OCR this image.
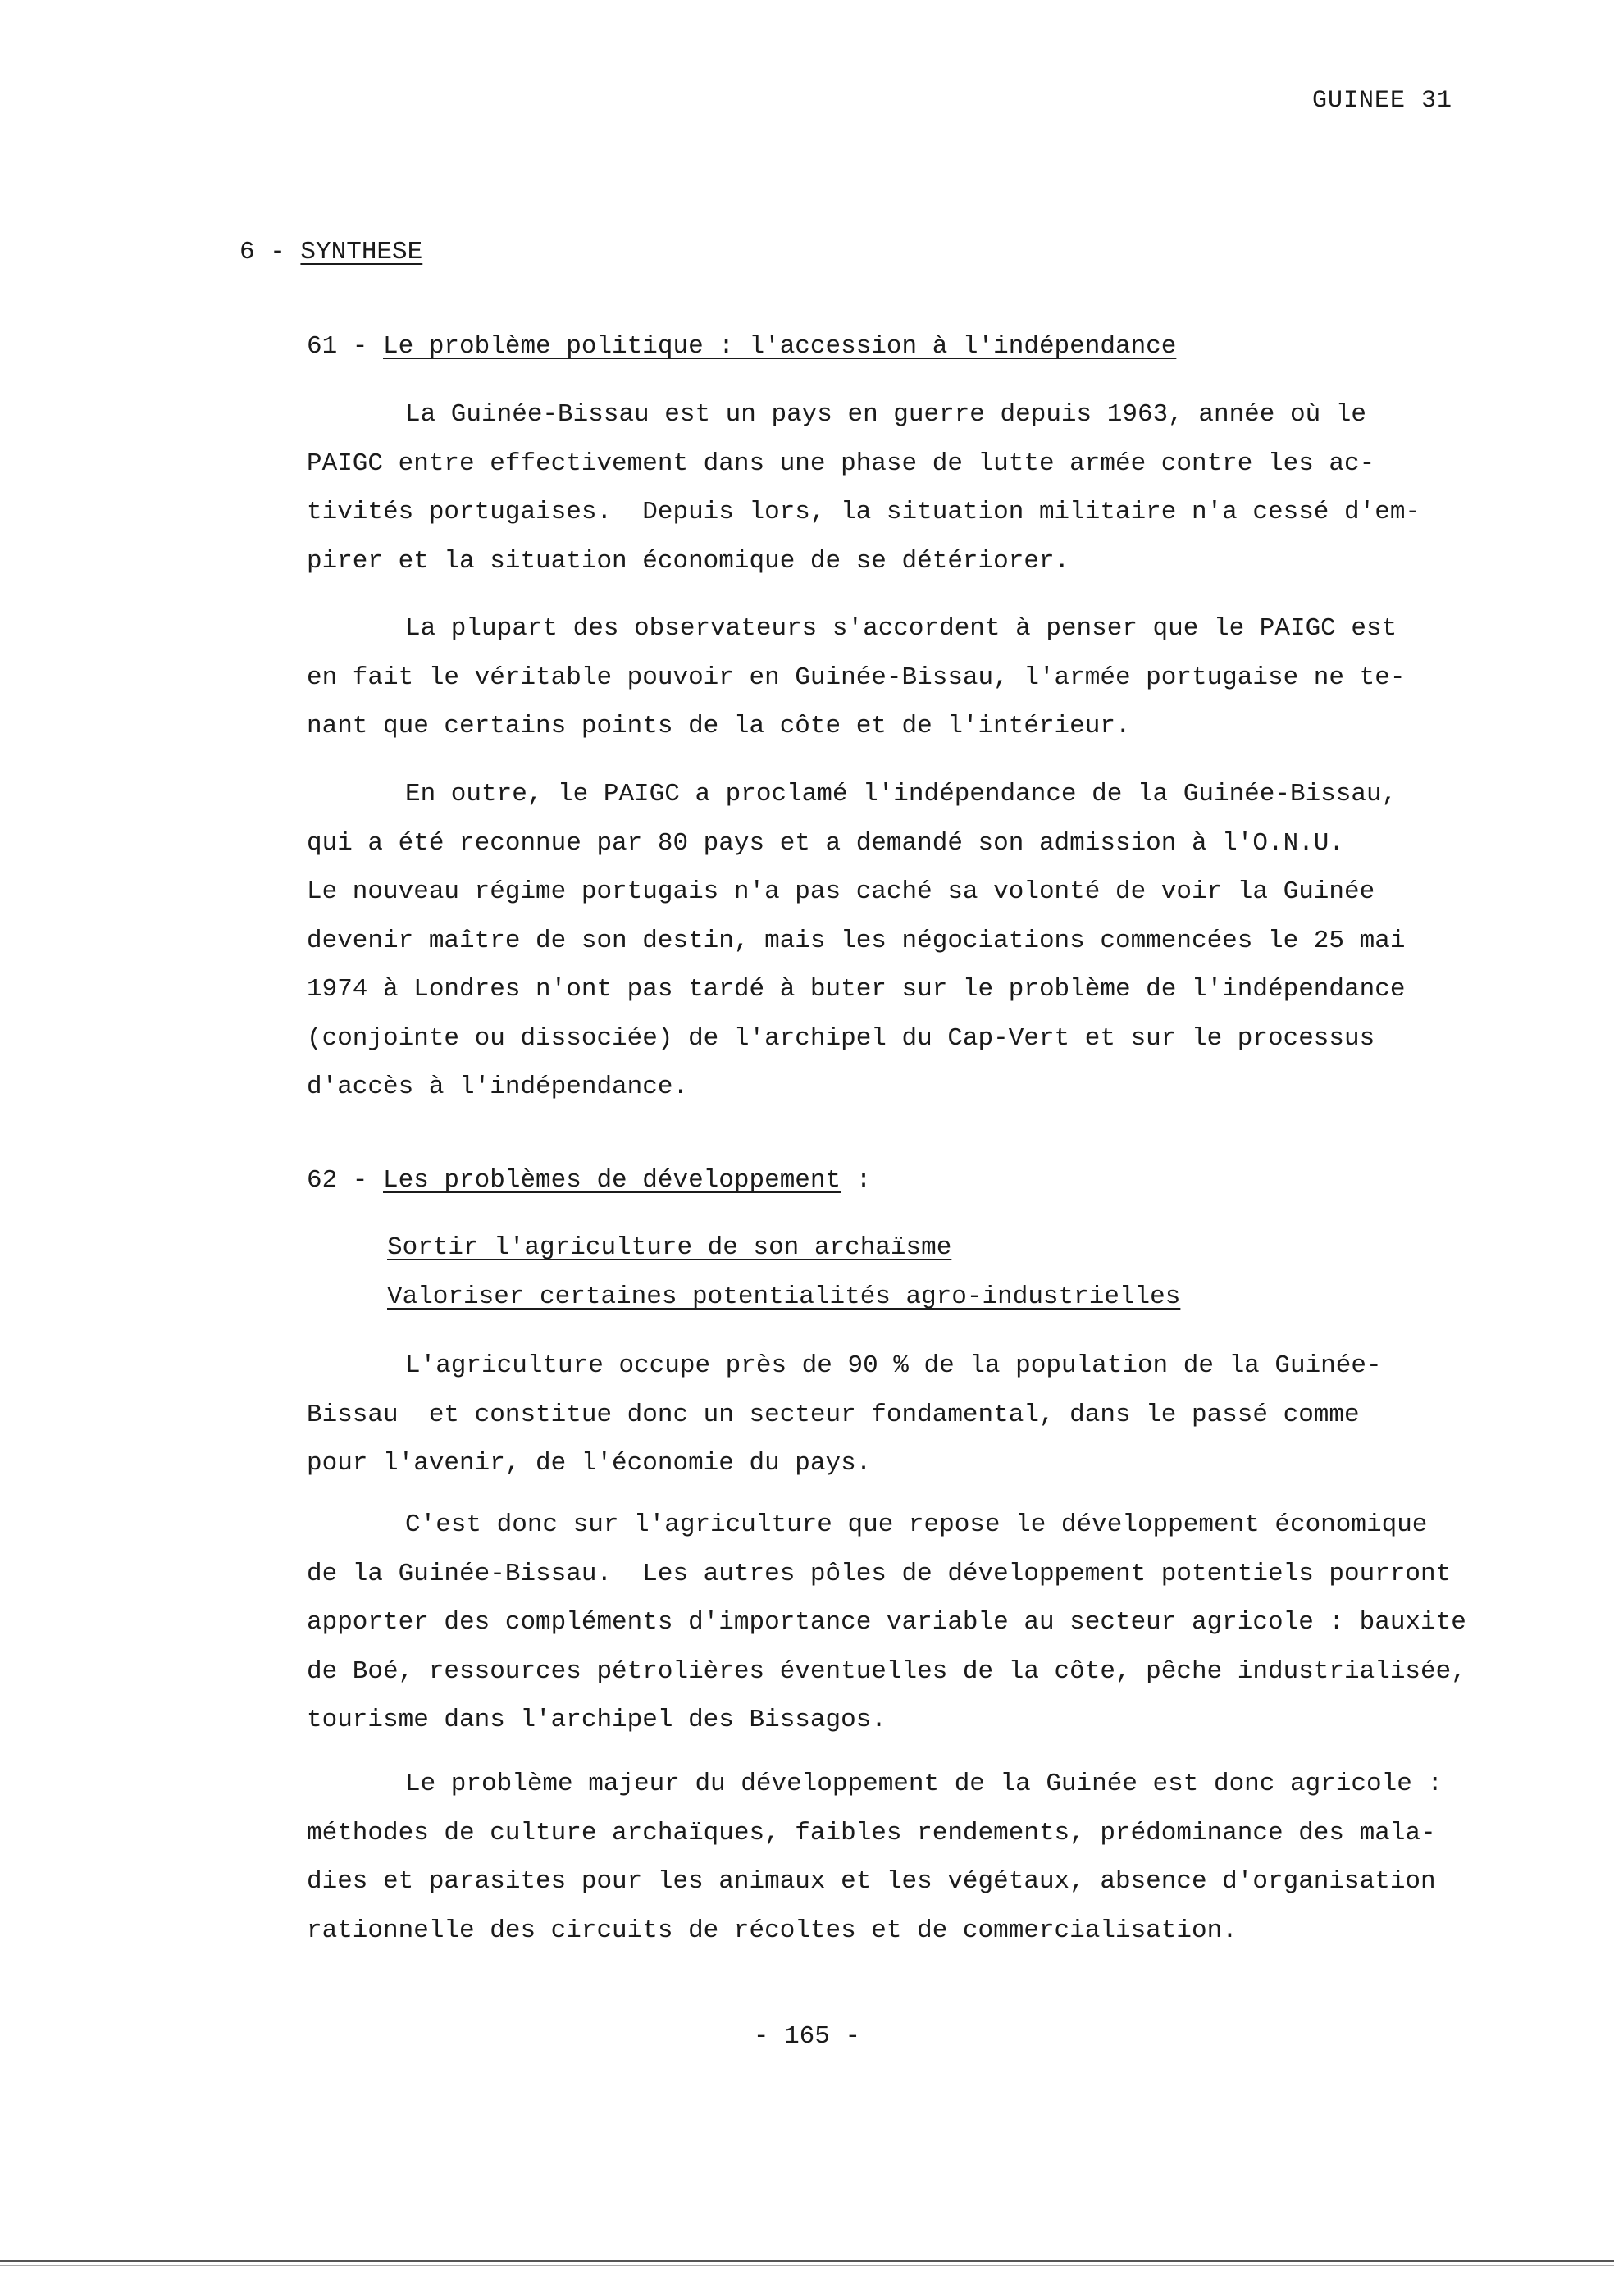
GUINEE 31
6 - SYNTHESE
61 - Le problème politique : l'accession à l'indépendance
La Guinée-Bissau est un pays en guerre depuis 1963, année où le
PAIGC entre effectivement dans une phase de lutte armée contre les ac-
tivités portugaises.  Depuis lors, la situation militaire n'a cessé d'em-
pirer et la situation économique de se détériorer.
La plupart des observateurs s'accordent à penser que le PAIGC est
en fait le véritable pouvoir en Guinée-Bissau, l'armée portugaise ne te-
nant que certains points de la côte et de l'intérieur.
En outre, le PAIGC a proclamé l'indépendance de la Guinée-Bissau,
qui a été reconnue par 80 pays et a demandé son admission à l'O.N.U.
Le nouveau régime portugais n'a pas caché sa volonté de voir la Guinée
devenir maître de son destin, mais les négociations commencées le 25 mai
1974 à Londres n'ont pas tardé à buter sur le problème de l'indépendance
(conjointe ou dissociée) de l'archipel du Cap-Vert et sur le processus
d'accès à l'indépendance.
62 - Les problèmes de développement :
Sortir l'agriculture de son archaïsme
Valoriser certaines potentialités agro-industrielles
L'agriculture occupe près de 90 % de la population de la Guinée-
Bissau  et constitue donc un secteur fondamental, dans le passé comme
pour l'avenir, de l'économie du pays.
C'est donc sur l'agriculture que repose le développement économique
de la Guinée-Bissau.  Les autres pôles de développement potentiels pourront
apporter des compléments d'importance variable au secteur agricole : bauxite
de Boé, ressources pétrolières éventuelles de la côte, pêche industrialisée,
tourisme dans l'archipel des Bissagos.
Le problème majeur du développement de la Guinée est donc agricole :
méthodes de culture archaïques, faibles rendements, prédominance des mala-
dies et parasites pour les animaux et les végétaux, absence d'organisation
rationnelle des circuits de récoltes et de commercialisation.
- 165 -
